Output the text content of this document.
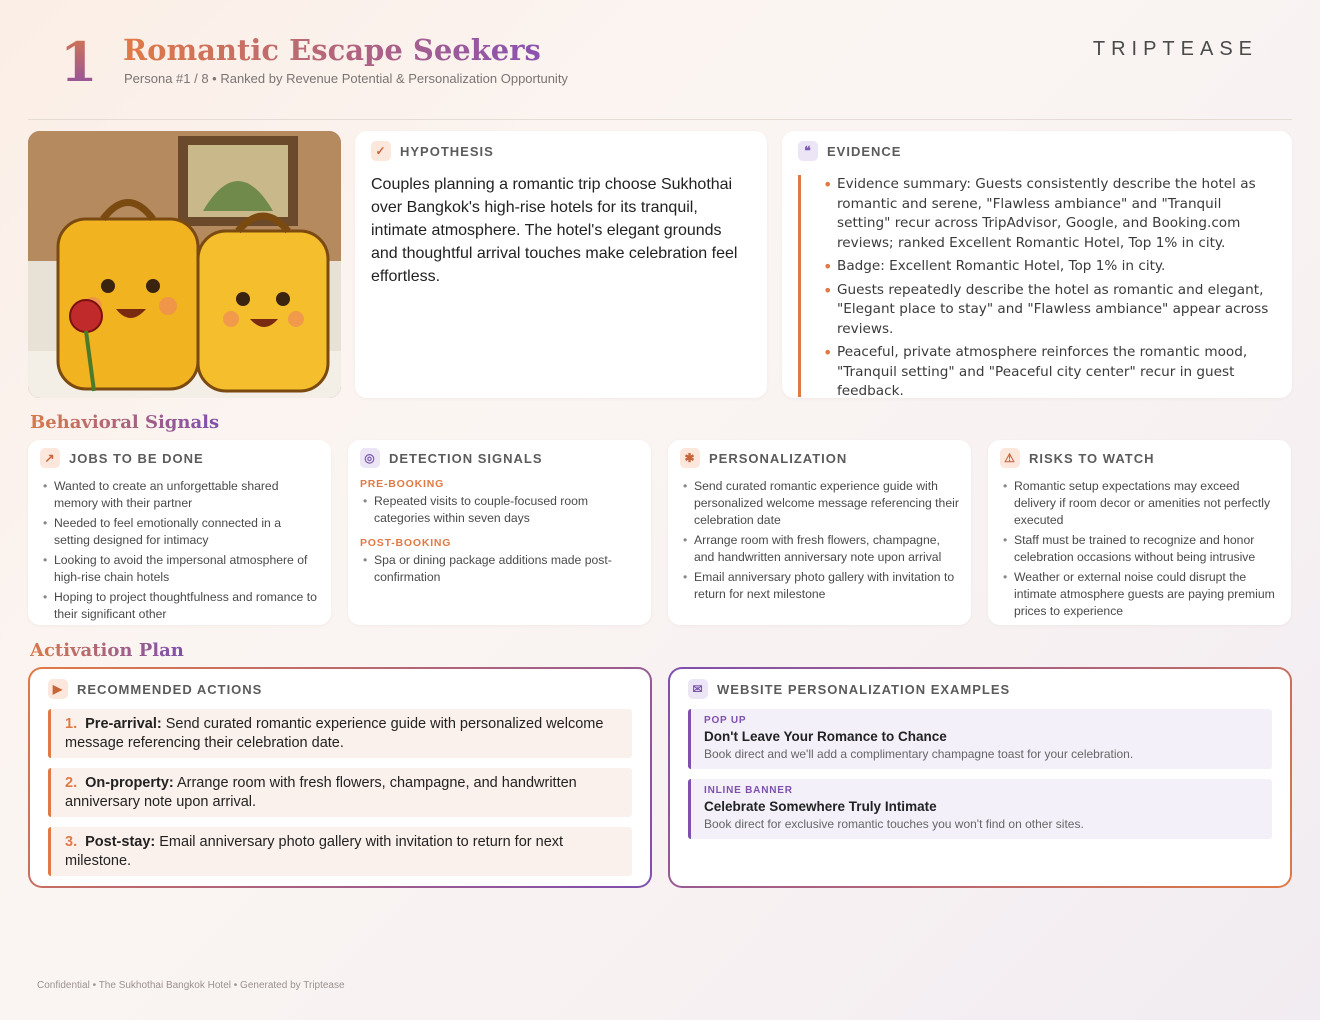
1 Romantic Escape Seekers
Persona #1 / 8 • Ranked by Revenue Potential & Personalization Opportunity
TRIPTEASE
✓	HYPOTHESIS
Couples planning a romantic trip choose Sukhothai over Bangkok's high-rise hotels for its tranquil, intimate atmosphere. The hotel's elegant grounds and thoughtful arrival touches make celebration feel effortless.
❝	EVIDENCE
• Evidence summary: Guests consistently describe the hotel as romantic and serene, "Flawless ambiance" and "Tranquil setting" recur across TripAdvisor, Google, and Booking.com reviews; ranked Excellent Romantic Hotel, Top 1% in city.
• Badge: Excellent Romantic Hotel, Top 1% in city.
• Guests repeatedly describe the hotel as romantic and elegant, "Elegant place to stay" and "Flawless ambiance" appear across reviews.
• Peaceful, private atmosphere reinforces the romantic mood, "Tranquil setting" and "Peaceful city center" recur in guest feedback.
Behavioral Signals
↗	JOBS TO BE DONE
• Wanted to create an unforgettable shared memory with their partner
• Needed to feel emotionally connected in a setting designed for intimacy
• Looking to avoid the impersonal atmosphere of high-rise chain hotels
• Hoping to project thoughtfulness and romance to their significant other
◎	DETECTION SIGNALS
PRE-BOOKING
• Repeated visits to couple-focused room categories within seven days
POST-BOOKING
• Spa or dining package additions made post-confirmation
✱	PERSONALIZATION
• Send curated romantic experience guide with personalized welcome message referencing their celebration date
• Arrange room with fresh flowers, champagne, and handwritten anniversary note upon arrival
• Email anniversary photo gallery with invitation to return for next milestone
⚠	RISKS TO WATCH
• Romantic setup expectations may exceed delivery if room decor or amenities not perfectly executed
• Staff must be trained to recognize and honor celebration occasions without being intrusive
• Weather or external noise could disrupt the intimate atmosphere guests are paying premium prices to experience
Activation Plan
▶	RECOMMENDED ACTIONS
1. Pre-arrival: Send curated romantic experience guide with personalized welcome message referencing their celebration date.
2. On-property: Arrange room with fresh flowers, champagne, and handwritten anniversary note upon arrival.
3. Post-stay: Email anniversary photo gallery with invitation to return for next milestone.
✉	WEBSITE PERSONALIZATION EXAMPLES
POP UP
Don't Leave Your Romance to Chance
Book direct and we'll add a complimentary champagne toast for your celebration.
INLINE BANNER
Celebrate Somewhere Truly Intimate
Book direct for exclusive romantic touches you won't find on other sites.
Confidential • The Sukhothai Bangkok Hotel • Generated by Triptease
